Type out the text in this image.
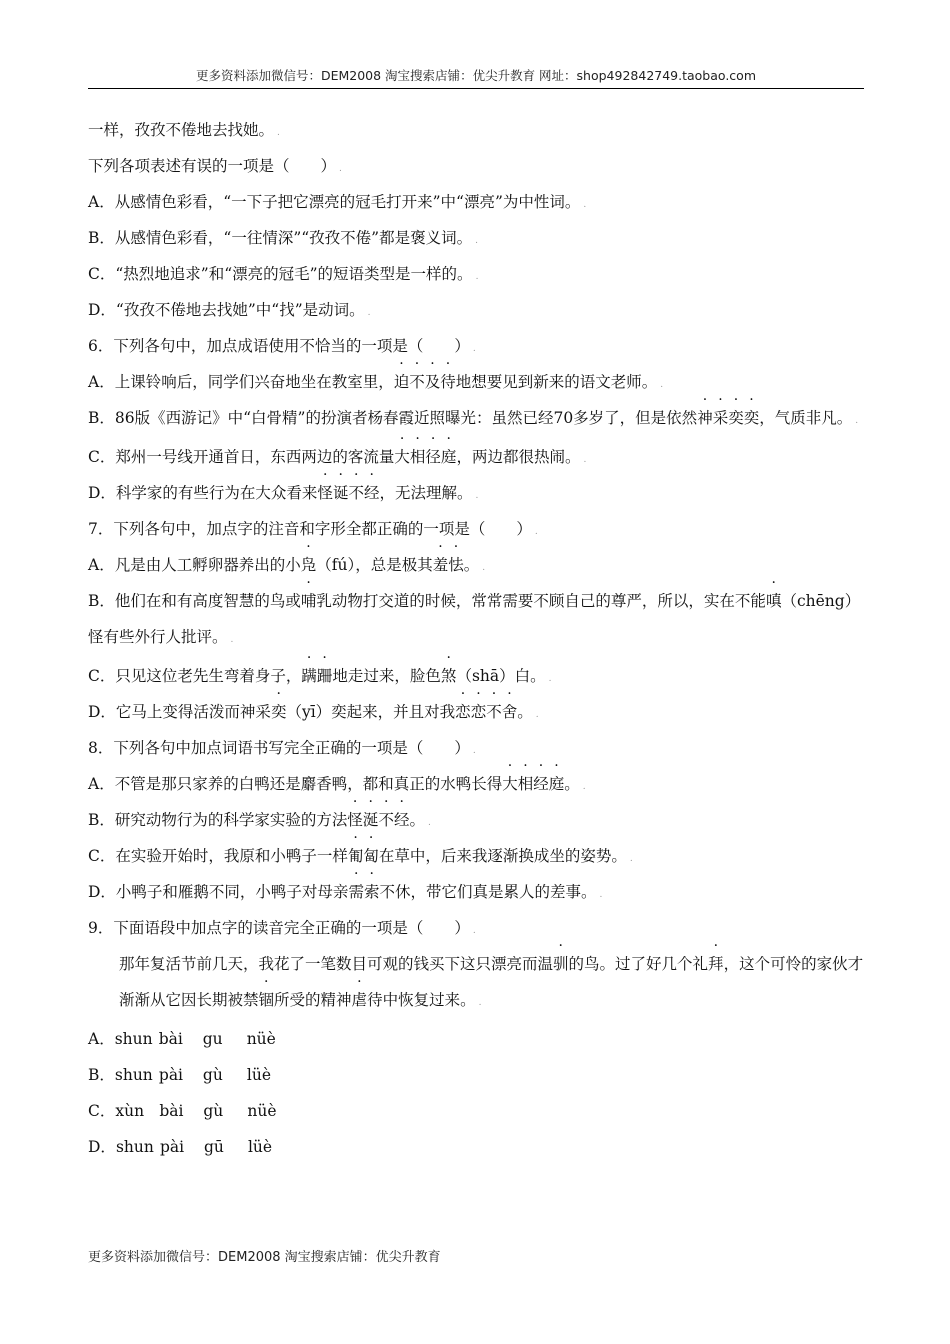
更多资料添加微信号：DEM2008 淘宝搜索店铺：优尖升教育 网址：shop492842749.taobao.com
一样，孜孜不倦地去找她。 .
下列各项表述有误的一项是（　　） .
A．从感情色彩看，“一下子把它漂亮的冠毛打开来”中“漂亮”为中性词。 .
B．从感情色彩看，“一往情深”“孜孜不倦”都是褒义词。 .
C．“热烈地追求”和“漂亮的冠毛”的短语类型是一样的。 .
D．“孜孜不倦地去找她”中“找”是动词。 .
6．下列各句中，加点成语使用不恰当的一项是（　　） .
A．上课铃响后，同学们兴奋地坐在教室里，迫不及待地想要见到新来的语文老师。 .
B．86版《西游记》中“白骨精”的扮演者杨春霞近照曝光：虽然已经70多岁了，但是依然神采奕奕，气质非凡。 .
C．郑州一号线开通首日，东西两边的客流量大相径庭，两边都很热闹。 .
D．科学家的有些行为在大众看来怪诞不经，无法理解。 .
7．下列各句中，加点字的注音和字形全都正确的一项是（　　） .
A．凡是由人工孵卵器养出的小凫（fú），总是极其羞怯。 .
B．他们在和有高度智慧的鸟或哺乳动物打交道的时候，常常需要不顾自己的尊严，所以，实在不能嗔（chēng）怪有些外行人批评。 .
C．只见这位老先生弯着身子，蹒跚地走过来，脸色煞（shā）白。 .
D．它马上变得活泼而神采奕（yī）奕起来，并且对我恋恋不舍。 .
8．下列各句中加点词语书写完全正确的一项是（　　） .
A．不管是那只家养的白鸭还是麝香鸭，都和真正的水鸭长得大相经庭。 .
B．研究动物行为的科学家实验的方法怪涎不经。 .
C．在实验开始时，我原和小鸭子一样匍匐在草中，后来我逐渐换成坐的姿势。 .
D．小鸭子和雁鹅不同，小鸭子对母亲需索不休，带它们真是累人的差事。 .
9．下面语段中加点字的读音完全正确的一项是（　　） .
那年复活节前几天，我花了一笔数目可观的钱买下这只漂亮而温驯的鸟。过了好几个礼拜，这个可怜的家伙才渐渐从它因长期被禁锢所受的精神虐待中恢复过来。 .
A．shun bài gu nüè
B．shun pài gù lüè
C．xùn bài gù nüè
D．shun pài gū lüè
更多资料添加微信号：DEM2008 淘宝搜索店铺：优尖升教育
